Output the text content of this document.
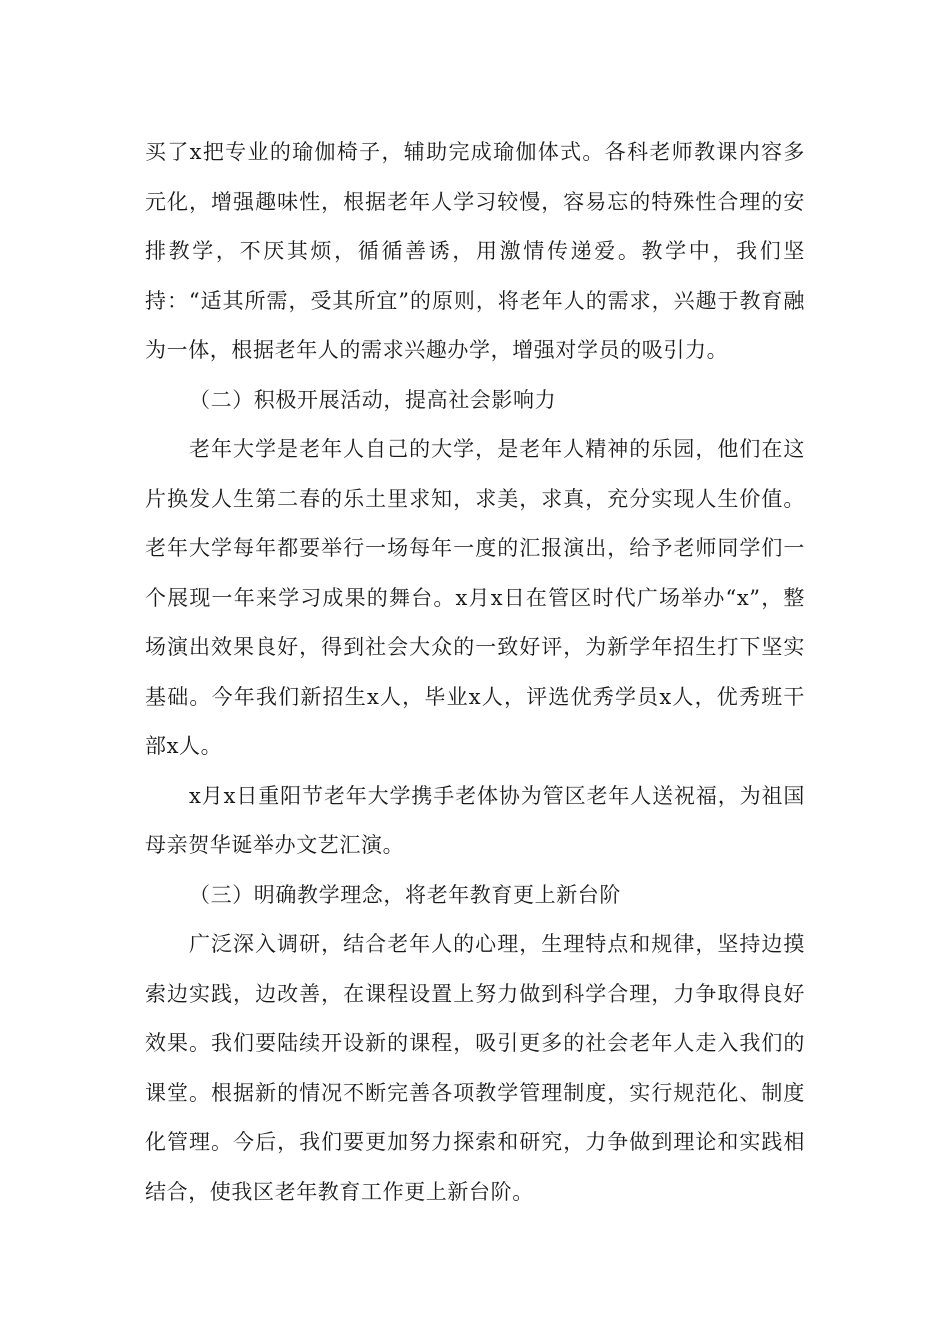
买了x把专业的瑜伽椅子，辅助完成瑜伽体式。各科老师教课内容多元化，增强趣味性，根据老年人学习较慢，容易忘的特殊性合理的安排教学，不厌其烦，循循善诱，用激情传递爱。教学中，我们坚持：“适其所需，受其所宜”的原则，将老年人的需求，兴趣于教育融为一体，根据老年人的需求兴趣办学，增强对学员的吸引力。

（二）积极开展活动，提高社会影响力

老年大学是老年人自己的大学，是老年人精神的乐园，他们在这片换发人生第二春的乐土里求知，求美，求真，充分实现人生价值。老年大学每年都要举行一场每年一度的汇报演出，给予老师同学们一个展现一年来学习成果的舞台。x月x日在管区时代广场举办“x”，整场演出效果良好，得到社会大众的一致好评，为新学年招生打下坚实基础。今年我们新招生x人，毕业x人，评选优秀学员x人，优秀班干部x人。

x月x日重阳节老年大学携手老体协为管区老年人送祝福，为祖国母亲贺华诞举办文艺汇演。

（三）明确教学理念，将老年教育更上新台阶

广泛深入调研，结合老年人的心理，生理特点和规律，坚持边摸索边实践，边改善，在课程设置上努力做到科学合理，力争取得良好效果。我们要陆续开设新的课程，吸引更多的社会老年人走入我们的课堂。根据新的情况不断完善各项教学管理制度，实行规范化、制度化管理。今后，我们要更加努力探索和研究，力争做到理论和实践相结合，使我区老年教育工作更上新台阶。
